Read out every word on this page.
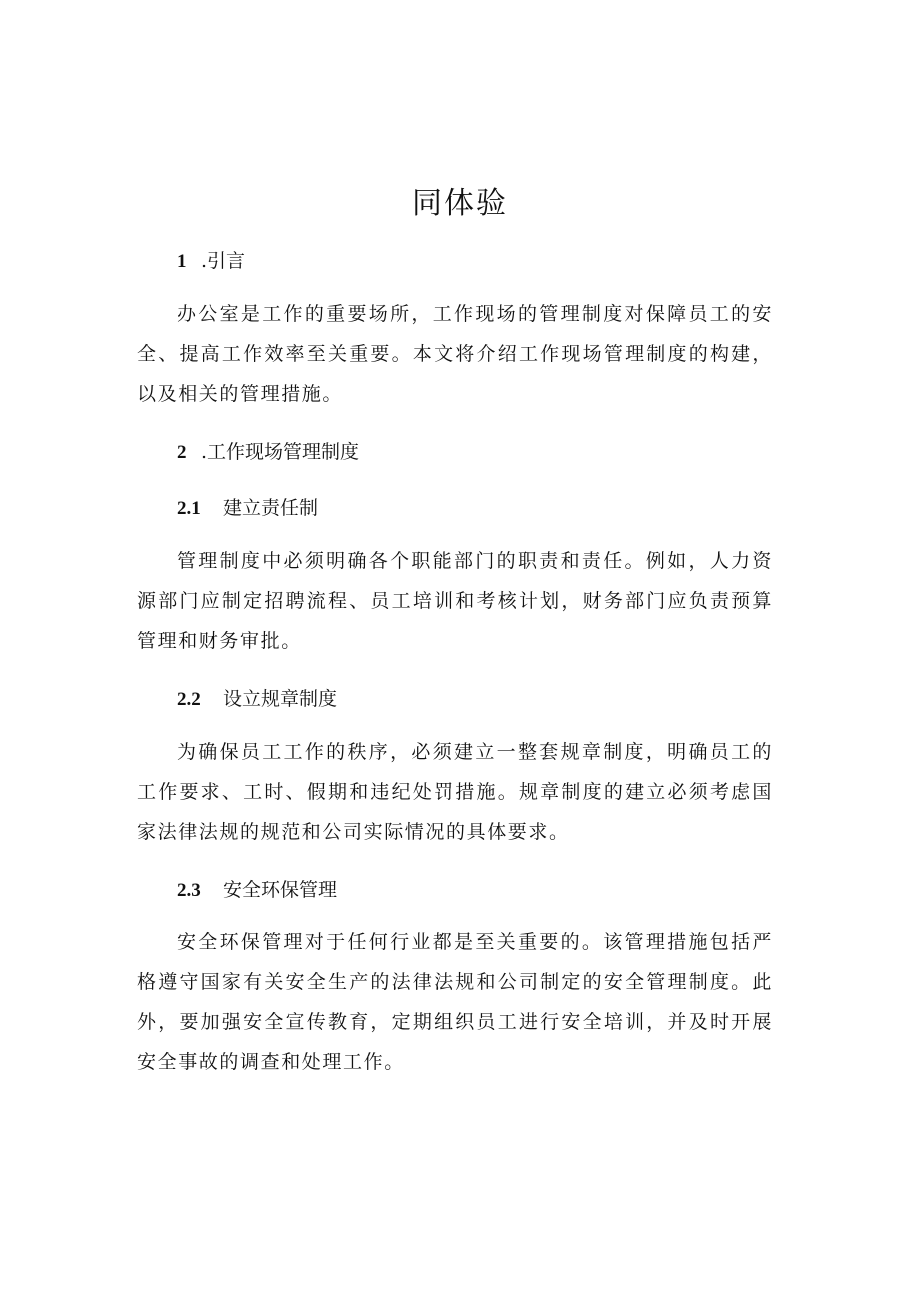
同体验
1 .引言

办公室是工作的重要场所，工作现场的管理制度对保障员工的安全、提高工作效率至关重要。本文将介绍工作现场管理制度的构建，以及相关的管理措施。

2 .工作现场管理制度
2.1 建立责任制

管理制度中必须明确各个职能部门的职责和责任。例如，人力资源部门应制定招聘流程、员工培训和考核计划，财务部门应负责预算管理和财务审批。

2.2 设立规章制度

为确保员工工作的秩序，必须建立一整套规章制度，明确员工的工作要求、工时、假期和违纪处罚措施。规章制度的建立必须考虑国家法律法规的规范和公司实际情况的具体要求。

2.3 安全环保管理

安全环保管理对于任何行业都是至关重要的。该管理措施包括严格遵守国家有关安全生产的法律法规和公司制定的安全管理制度。此外，要加强安全宣传教育，定期组织员工进行安全培训，并及时开展安全事故的调查和处理工作。
